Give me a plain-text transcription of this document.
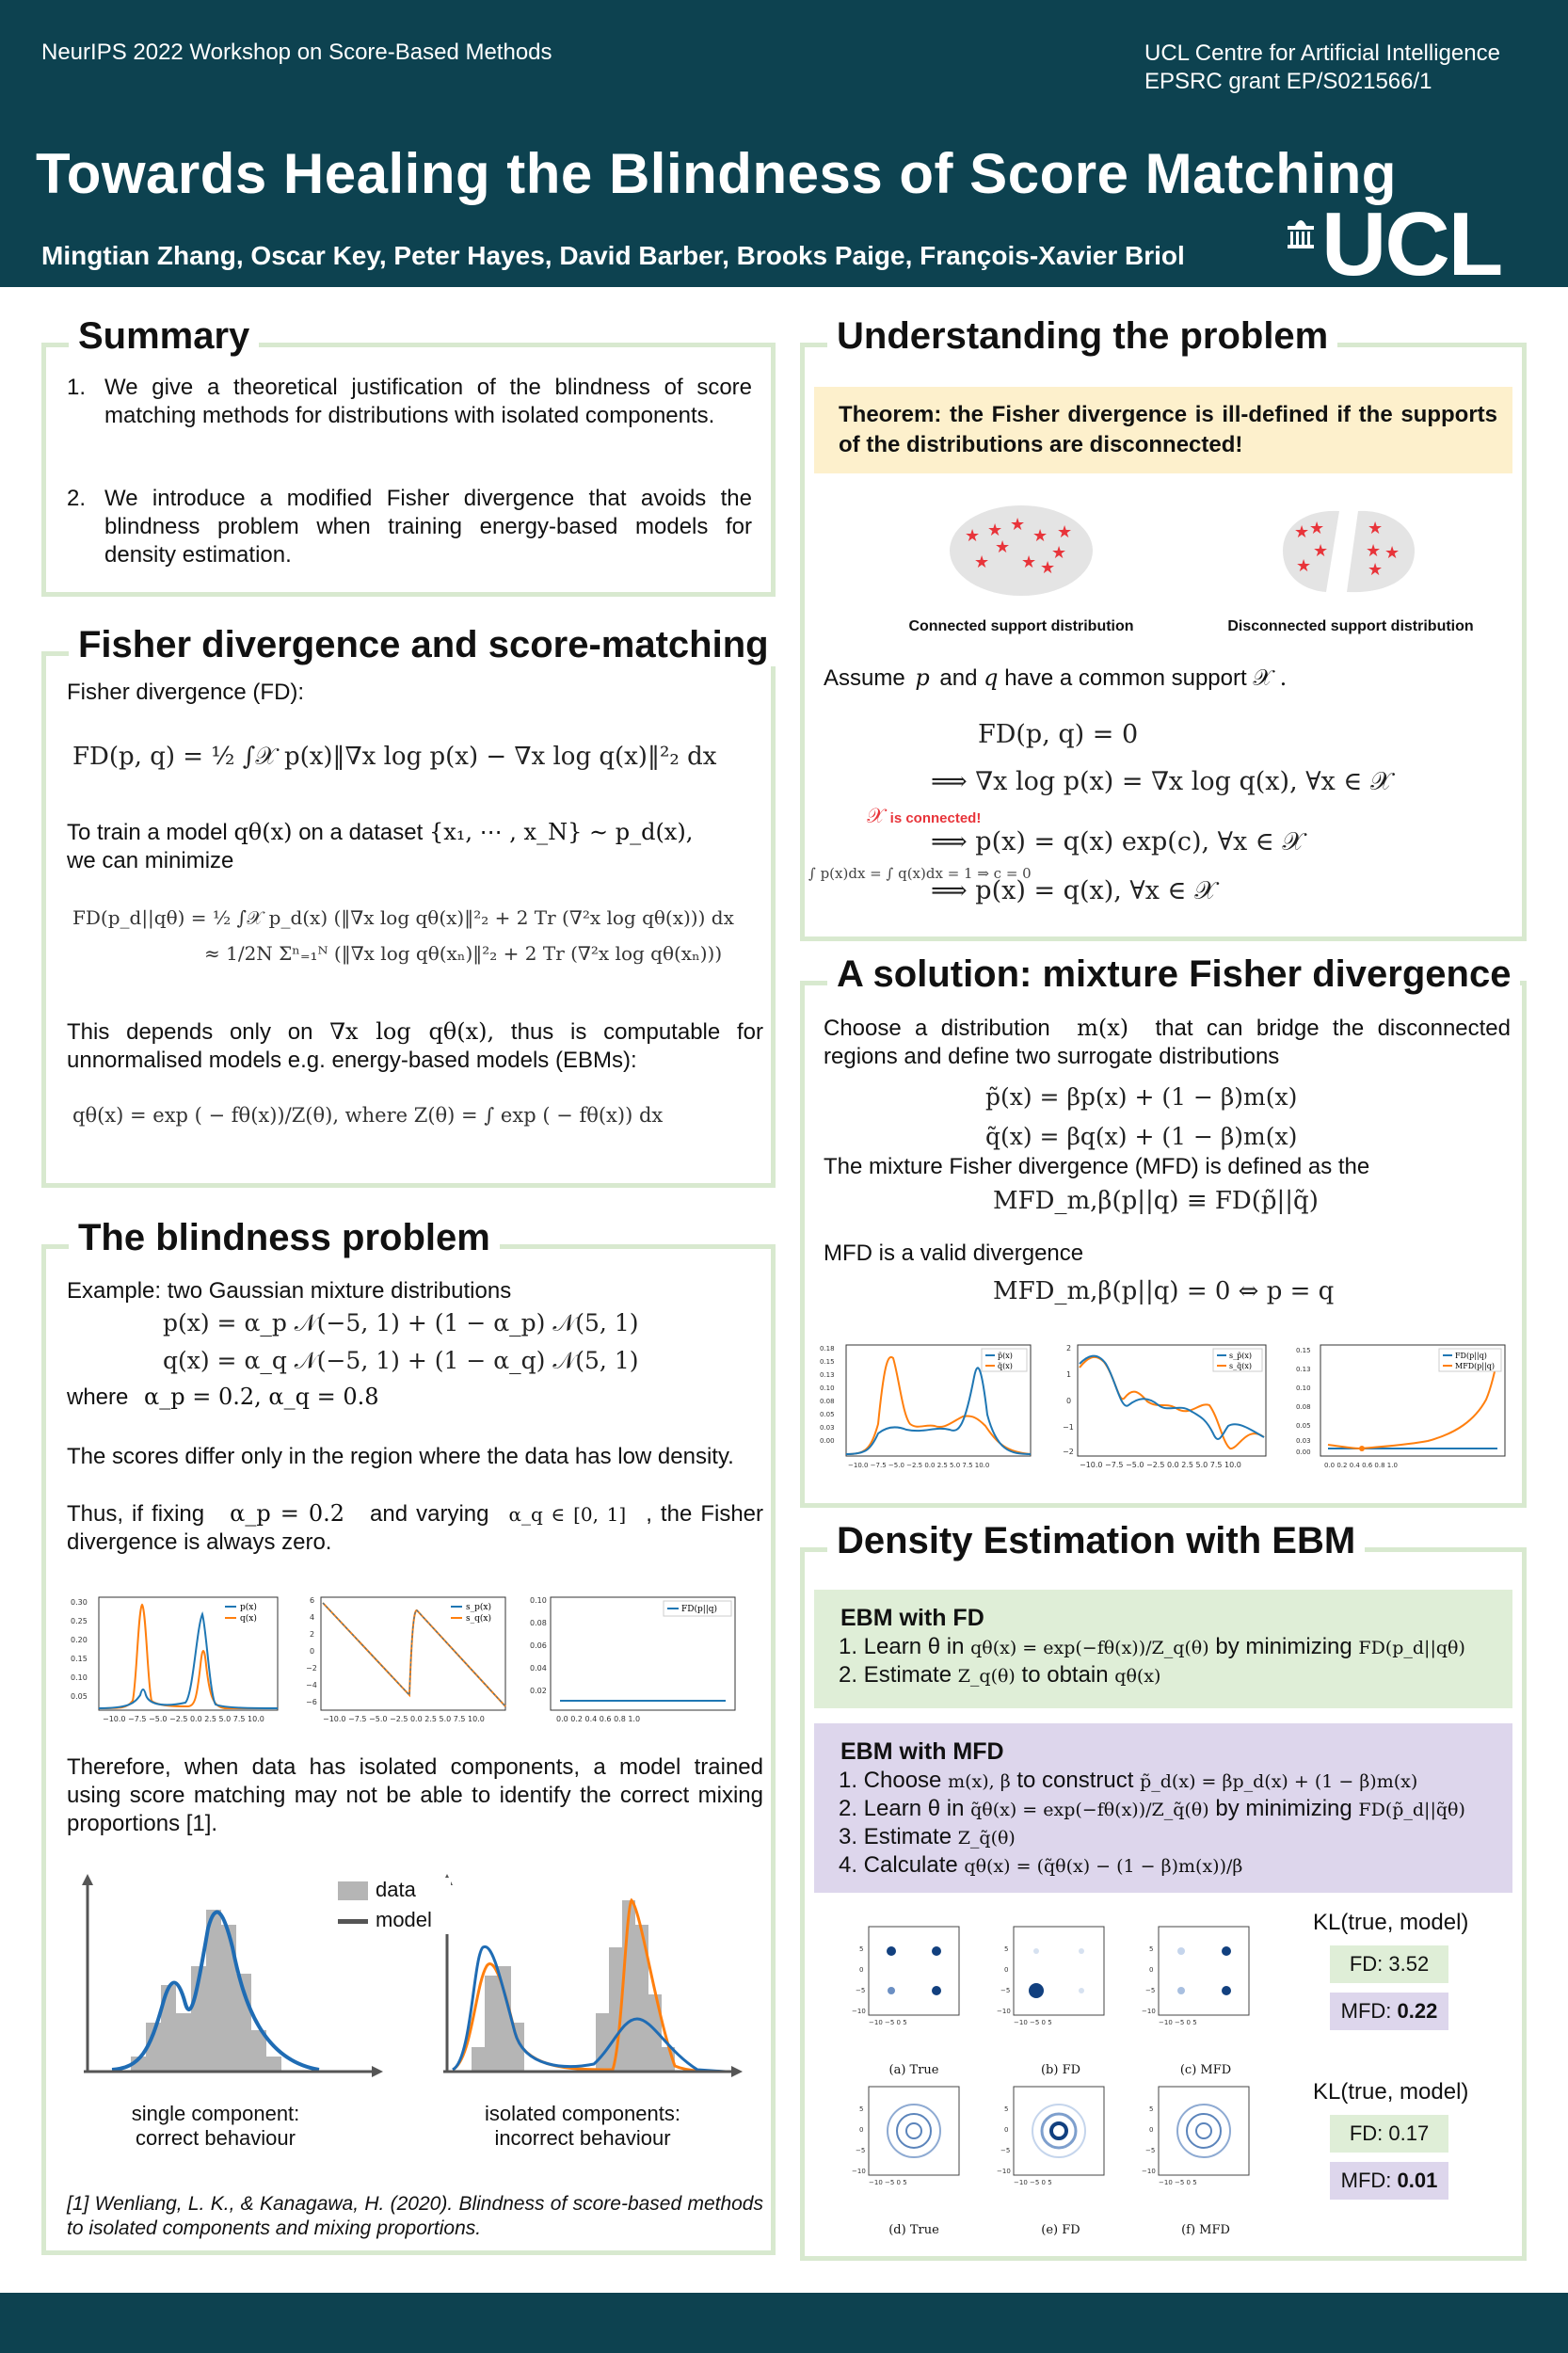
NeurIPS 2022 Workshop on Score-Based Methods	UCL Centre for Artificial Intelligence
EPSRC grant EP/S021566/1
Towards Healing the Blindness of Score Matching
Mingtian Zhang, Oscar Key, Peter Hayes, David Barber, Brooks Paige, François-Xavier Briol UCL
Summary
1. We give a theoretical justification of the blindness of score matching methods for distributions with isolated components.
2. We introduce a modified Fisher divergence that avoids the blindness problem when training energy-based models for density estimation.
Fisher divergence and score-matching
Fisher divergence (FD):
FD(p, q) = ½ ∫𝒳 p(x)‖∇x log p(x) − ∇x log q(x)‖²₂ dx
To train a model qθ(x) on a dataset {x₁, ⋯ , x_N} ∼ p_d(x),
we can minimize
FD(p_d||qθ) = ½ ∫𝒳 p_d(x) (‖∇x log qθ(x)‖²₂ + 2 Tr (∇²x log qθ(x))) dx
≈ 1/2N Σⁿ₌₁ᴺ (‖∇x log qθ(xₙ)‖²₂ + 2 Tr (∇²x log qθ(xₙ)))
This depends only on ∇x log qθ(x), thus is computable for unnormalised models e.g. energy-based models (EBMs):
qθ(x) = exp ( − fθ(x))/Z(θ), where Z(θ) = ∫ exp ( − fθ(x)) dx
The blindness problem
Example: two Gaussian mixture distributions
p(x) = α_p 𝒩(−5, 1) + (1 − α_p) 𝒩(5, 1)
q(x) = α_q 𝒩(−5, 1) + (1 − α_q) 𝒩(5, 1)
where α_p = 0.2, α_q = 0.8
The scores differ only in the region where the data has low density.
Thus, if fixing α_p = 0.2 and varying α_q ∈ [0, 1] , the Fisher divergence is always zero.
0.30
0.25
0.20
0.15
0.10
0.05
−10.0 −7.5 −5.0 −2.5 0.0 2.5 5.0 7.5 10.0
p(x)
q(x)
6
4
2
0
−2
−4
−6
−10.0 −7.5 −5.0 −2.5 0.0 2.5 5.0 7.5 10.0
s_p(x)
s_q(x)
0.10
0.08
0.06
0.04
0.02
0.0 0.2 0.4 0.6 0.8 1.0
FD(p||q)
Therefore, when data has isolated components, a model trained using score matching may not be able to identify the correct mixing proportions [1].
data
model
single component:
correct behaviour
isolated components:
incorrect behaviour
[1] Wenliang, L. K., & Kanagawa, H. (2020). Blindness of score-based methods to isolated components and mixing proportions.
Understanding the problem
Theorem: the Fisher divergence is ill-defined if the supports of the distributions are disconnected!
★ ★ ★
★ ★
★
★ ★ ★
★
★ ★
★
★
★
★ ★
★
Connected support distribution	Disconnected support distribution
Assume p and q have a common support 𝒳 .
FD(p, q) = 0
⟹ ∇x log p(x) = ∇x log q(x), ∀x ∈ 𝒳
𝒳 is connected!
⟹ p(x) = q(x) exp(c), ∀x ∈ 𝒳
∫ p(x)dx = ∫ q(x)dx = 1 ⇒ c = 0
⟹ p(x) = q(x), ∀x ∈ 𝒳
A solution: mixture Fisher divergence
Choose a distribution m(x) that can bridge the disconnected regions and define two surrogate distributions
p̃(x) = βp(x) + (1 − β)m(x)
q̃(x) = βq(x) + (1 − β)m(x)
The mixture Fisher divergence (MFD) is defined as the
MFD_m,β(p||q) ≡ FD(p̃||q̃)
MFD is a valid divergence
MFD_m,β(p||q) = 0 ⇔ p = q
0.18
0.15
0.13
0.10
0.08
0.05
0.03
0.00
−10.0 −7.5 −5.0 −2.5 0.0 2.5 5.0 7.5 10.0
p̃(x)
q̃(x)
2
1
0
−1
−2
−10.0 −7.5 −5.0 −2.5 0.0 2.5 5.0 7.5 10.0
s_p̃(x)
s_q̃(x)
0.15
0.13
0.10
0.08
0.05
0.03
0.00
0.0 0.2 0.4 0.6 0.8 1.0
FD(p||q)
MFD(p||q)
Density Estimation with EBM
EBM with FD
1. Learn θ in qθ(x) = exp(−fθ(x))/Z_q(θ) by minimizing FD(p_d||qθ)
2. Estimate Z_q(θ) to obtain qθ(x)
EBM with MFD
1. Choose m(x), β to construct p̃_d(x) = βp_d(x) + (1 − β)m(x)
2. Learn θ in q̃θ(x) = exp(−fθ(x))/Z_q̃(θ) by minimizing FD(p̃_d||q̃θ)
3. Estimate Z_q̃(θ)
4. Calculate qθ(x) = (q̃θ(x) − (1 − β)m(x))/β
5
0
−5
−10
−10 −5 0 5
5
0
−5
−10
−10 −5 0 5
5
0
−5
−10
−10 −5 0 5
(a) True	(b) FD	(c) MFD
5
0
−5
−10
−10 −5 0 5
5
0
−5
−10
−10 −5 0 5
5
0
−5
−10
−10 −5 0 5
(d) True	(e) FD	(f) MFD
KL(true, model)
FD: 3.52
MFD: 0.22
KL(true, model)
FD: 0.17
MFD: 0.01
